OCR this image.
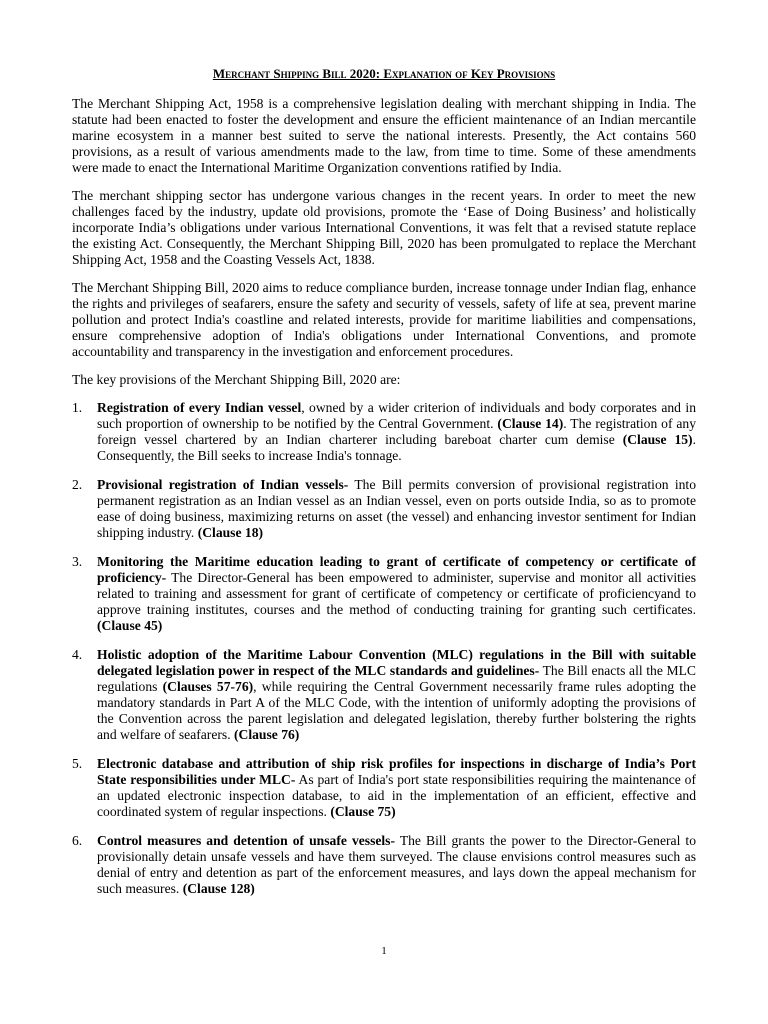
Merchant Shipping Bill 2020: Explanation of Key Provisions

The Merchant Shipping Act, 1958 is a comprehensive legislation dealing with merchant shipping in India. The statute had been enacted to foster the development and ensure the efficient maintenance of an Indian mercantile marine ecosystem in a manner best suited to serve the national interests. Presently, the Act contains 560 provisions, as a result of various amendments made to the law, from time to time. Some of these amendments were made to enact the International Maritime Organization conventions ratified by India.

The merchant shipping sector has undergone various changes in the recent years. In order to meet the new challenges faced by the industry, update old provisions, promote the ‘Ease of Doing Business’ and holistically incorporate India’s obligations under various International Conventions, it was felt that a revised statute replace the existing Act. Consequently, the Merchant Shipping Bill, 2020 has been promulgated to replace the Merchant Shipping Act, 1958 and the Coasting Vessels Act, 1838.

The Merchant Shipping Bill, 2020 aims to reduce compliance burden, increase tonnage under Indian flag, enhance the rights and privileges of seafarers, ensure the safety and security of vessels, safety of life at sea, prevent marine pollution and protect India's coastline and related interests, provide for maritime liabilities and compensations, ensure comprehensive adoption of India's obligations under International Conventions, and promote accountability and transparency in the investigation and enforcement procedures.

The key provisions of the Merchant Shipping Bill, 2020 are:

1. Registration of every Indian vessel, owned by a wider criterion of individuals and body corporates and in such proportion of ownership to be notified by the Central Government. (Clause 14). The registration of any foreign vessel chartered by an Indian charterer including bareboat charter cum demise (Clause 15). Consequently, the Bill seeks to increase India's tonnage.
2. Provisional registration of Indian vessels- The Bill permits conversion of provisional registration into permanent registration as an Indian vessel as an Indian vessel, even on ports outside India, so as to promote ease of doing business, maximizing returns on asset (the vessel) and enhancing investor sentiment for Indian shipping industry. (Clause 18)
3. Monitoring the Maritime education leading to grant of certificate of competency or certificate of proficiency- The Director-General has been empowered to administer, supervise and monitor all activities related to training and assessment for grant of certificate of competency or certificate of proficiencyand to approve training institutes, courses and the method of conducting training for granting such certificates. (Clause 45)
4. Holistic adoption of the Maritime Labour Convention (MLC) regulations in the Bill with suitable delegated legislation power in respect of the MLC standards and guidelines- The Bill enacts all the MLC regulations (Clauses 57-76), while requiring the Central Government necessarily frame rules adopting the mandatory standards in Part A of the MLC Code, with the intention of uniformly adopting the provisions of the Convention across the parent legislation and delegated legislation, thereby further bolstering the rights and welfare of seafarers. (Clause 76)
5. Electronic database and attribution of ship risk profiles for inspections in discharge of India’s Port State responsibilities under MLC- As part of India's port state responsibilities requiring the maintenance of an updated electronic inspection database, to aid in the implementation of an efficient, effective and coordinated system of regular inspections. (Clause 75)
6. Control measures and detention of unsafe vessels- The Bill grants the power to the Director-General to provisionally detain unsafe vessels and have them surveyed. The clause envisions control measures such as denial of entry and detention as part of the enforcement measures, and lays down the appeal mechanism for such measures. (Clause 128)
1
